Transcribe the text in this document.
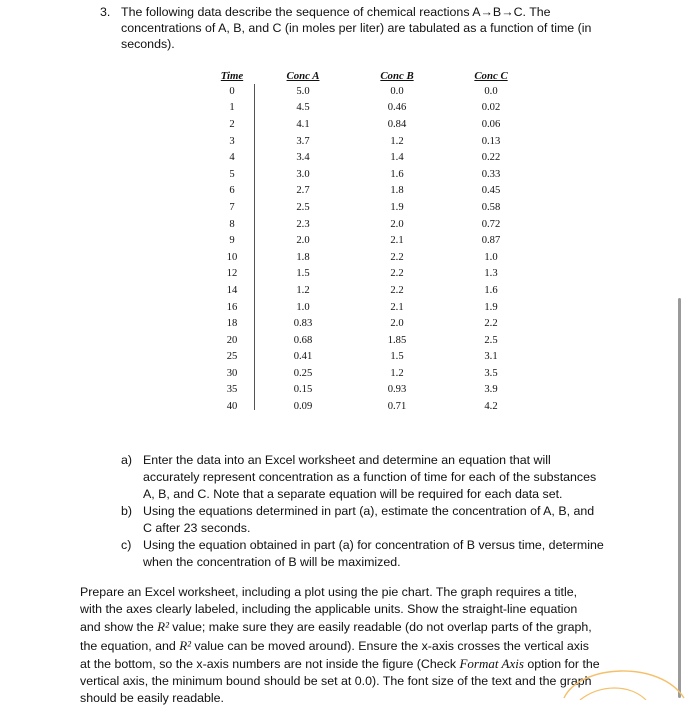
3. The following data describe the sequence of chemical reactions A→B→C. The concentrations of A, B, and C (in moles per liter) are tabulated as a function of time (in seconds).
Time	Conc A	Conc B	Conc C
0	5.0	0.0	0.0
1	4.5	0.46	0.02
2	4.1	0.84	0.06
3	3.7	1.2	0.13
4	3.4	1.4	0.22
5	3.0	1.6	0.33
6	2.7	1.8	0.45
7	2.5	1.9	0.58
8	2.3	2.0	0.72
9	2.0	2.1	0.87
10	1.8	2.2	1.0
12	1.5	2.2	1.3
14	1.2	2.2	1.6
16	1.0	2.1	1.9
18	0.83	2.0	2.2
20	0.68	1.85	2.5
25	0.41	1.5	3.1
30	0.25	1.2	3.5
35	0.15	0.93	3.9
40	0.09	0.71	4.2
a) Enter the data into an Excel worksheet and determine an equation that will accurately represent concentration as a function of time for each of the substances A, B, and C. Note that a separate equation will be required for each data set.
b) Using the equations determined in part (a), estimate the concentration of A, B, and C after 23 seconds.
c) Using the equation obtained in part (a) for concentration of B versus time, determine when the concentration of B will be maximized.
Prepare an Excel worksheet, including a plot using the pie chart. The graph requires a title, with the axes clearly labeled, including the applicable units. Show the straight-line equation and show the R² value; make sure they are easily readable (do not overlap parts of the graph, the equation, and R² value can be moved around). Ensure the x-axis crosses the vertical axis at the bottom, so the x-axis numbers are not inside the figure (Check Format Axis option for the vertical axis, the minimum bound should be set at 0.0). The font size of the text and the graph should be easily readable.
